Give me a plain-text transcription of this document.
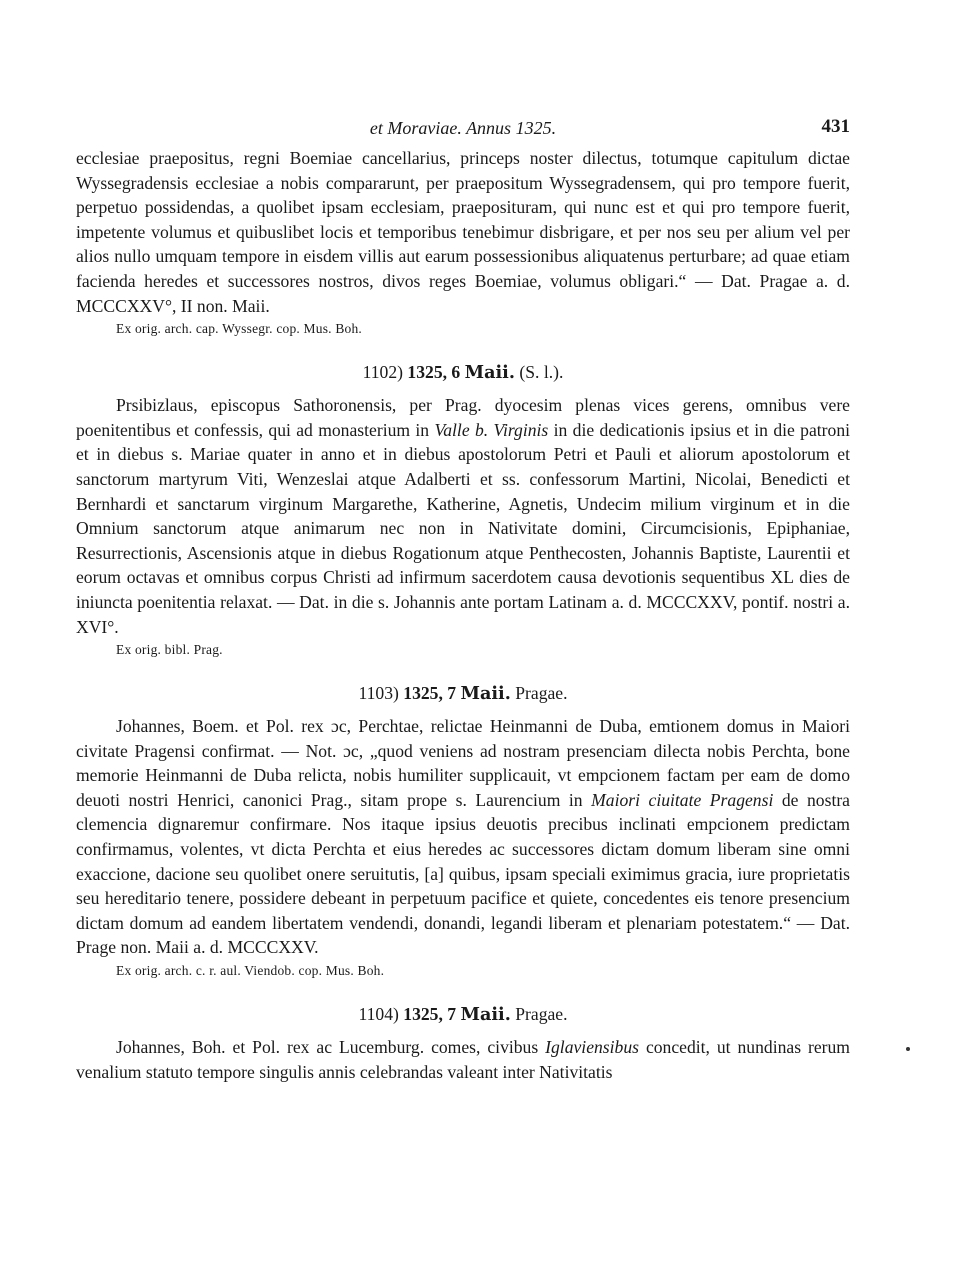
et Moraviae. Annus 1325.	431

ecclesiae praepositus, regni Boemiae cancellarius, princeps noster dilectus, totumque capitulum dictae Wyssegradensis ecclesiae a nobis compararunt, per praepositum Wyssegradensem, qui pro tempore fuerit, perpetuo possidendas, a quolibet ipsam ecclesiam, praeposituram, qui nunc est et qui pro tempore fuerit, impetente volumus et quibuslibet locis et temporibus tenebimur disbrigare, et per nos seu per alium vel per alios nullo umquam tempore in eisdem villis aut earum possessionibus aliquatenus perturbare; ad quae etiam facienda heredes et successores nostros, divos reges Boemiae, volumus obligari.“ — Dat. Pragae a. d. MCCCXXV°, II non. Maii.

Ex orig. arch. cap. Wyssegr. cop. Mus. Boh.
1102) 1325, 6 Maii. (S. l.).

Prsibizlaus, episcopus Sathoronensis, per Prag. dyocesim plenas vices gerens, omnibus vere poenitentibus et confessis, qui ad monasterium in Valle b. Virginis in die dedicationis ipsius et in die patroni et in diebus s. Mariae quater in anno et in diebus apostolorum Petri et Pauli et aliorum apostolorum et sanctorum martyrum Viti, Wenzeslai atque Adalberti et ss. confessorum Martini, Nicolai, Benedicti et Bernhardi et sanctarum virginum Margarethe, Katherine, Agnetis, Undecim milium virginum et in die Omnium sanctorum atque animarum nec non in Nativitate domini, Circumcisionis, Epiphaniae, Resurrectionis, Ascensionis atque in diebus Rogationum atque Penthecosten, Johannis Baptiste, Laurentii et eorum octavas et omnibus corpus Christi ad infirmum sacerdotem causa devotionis sequentibus XL dies de iniuncta poenitentia relaxat. — Dat. in die s. Johannis ante portam Latinam a. d. MCCCXXV, pontif. nostri a. XVI°.

Ex orig. bibl. Prag.
1103) 1325, 7 Maii. Pragae.

Johannes, Boem. et Pol. rex ɔc, Perchtae, relictae Heinmanni de Duba, emtionem domus in Maiori civitate Pragensi confirmat. — Not. ɔc, „quod veniens ad nostram presenciam dilecta nobis Perchta, bone memorie Heinmanni de Duba relicta, nobis humiliter supplicauit, vt empcionem factam per eam de domo deuoti nostri Henrici, canonici Prag., sitam prope s. Laurencium in Maiori ciuitate Pragensi de nostra clemencia dignaremur confirmare. Nos itaque ipsius deuotis precibus inclinati empcionem predictam confirmamus, volentes, vt dicta Perchta et eius heredes ac successores dictam domum liberam sine omni exaccione, dacione seu quolibet onere seruitutis, [a] quibus, ipsam speciali eximimus gracia, iure proprietatis seu hereditario tenere, possidere debeant in perpetuum pacifice et quiete, concedentes eis tenore presencium dictam domum ad eandem libertatem vendendi, donandi, legandi liberam et plenariam potestatem.“ — Dat. Prage non. Maii a. d. MCCCXXV.

Ex orig. arch. c. r. aul. Viendob. cop. Mus. Boh.
1104) 1325, 7 Maii. Pragae.

Johannes, Boh. et Pol. rex ac Lucemburg. comes, civibus Iglaviensibus concedit, ut nundinas rerum venalium statuto tempore singulis annis celebrandas valeant inter Nativitatis
